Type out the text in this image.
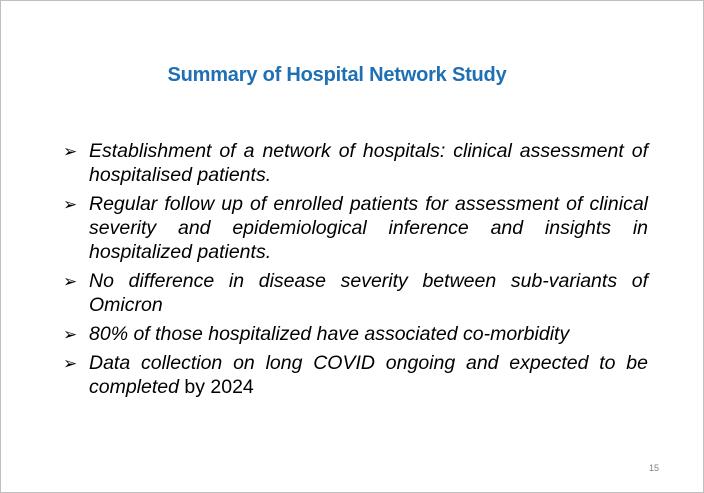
Summary of Hospital Network Study
➢ Establishment of a network of hospitals: clinical assessment of hospitalised patients.
➢ Regular follow up of enrolled patients for assessment of clinical severity and epidemiological inference and insights in hospitalized patients.
➢ No difference in disease severity between sub-variants of Omicron
➢ 80% of those hospitalized have associated co-morbidity
➢ Data collection on long COVID ongoing and expected to be completed by 2024
15
